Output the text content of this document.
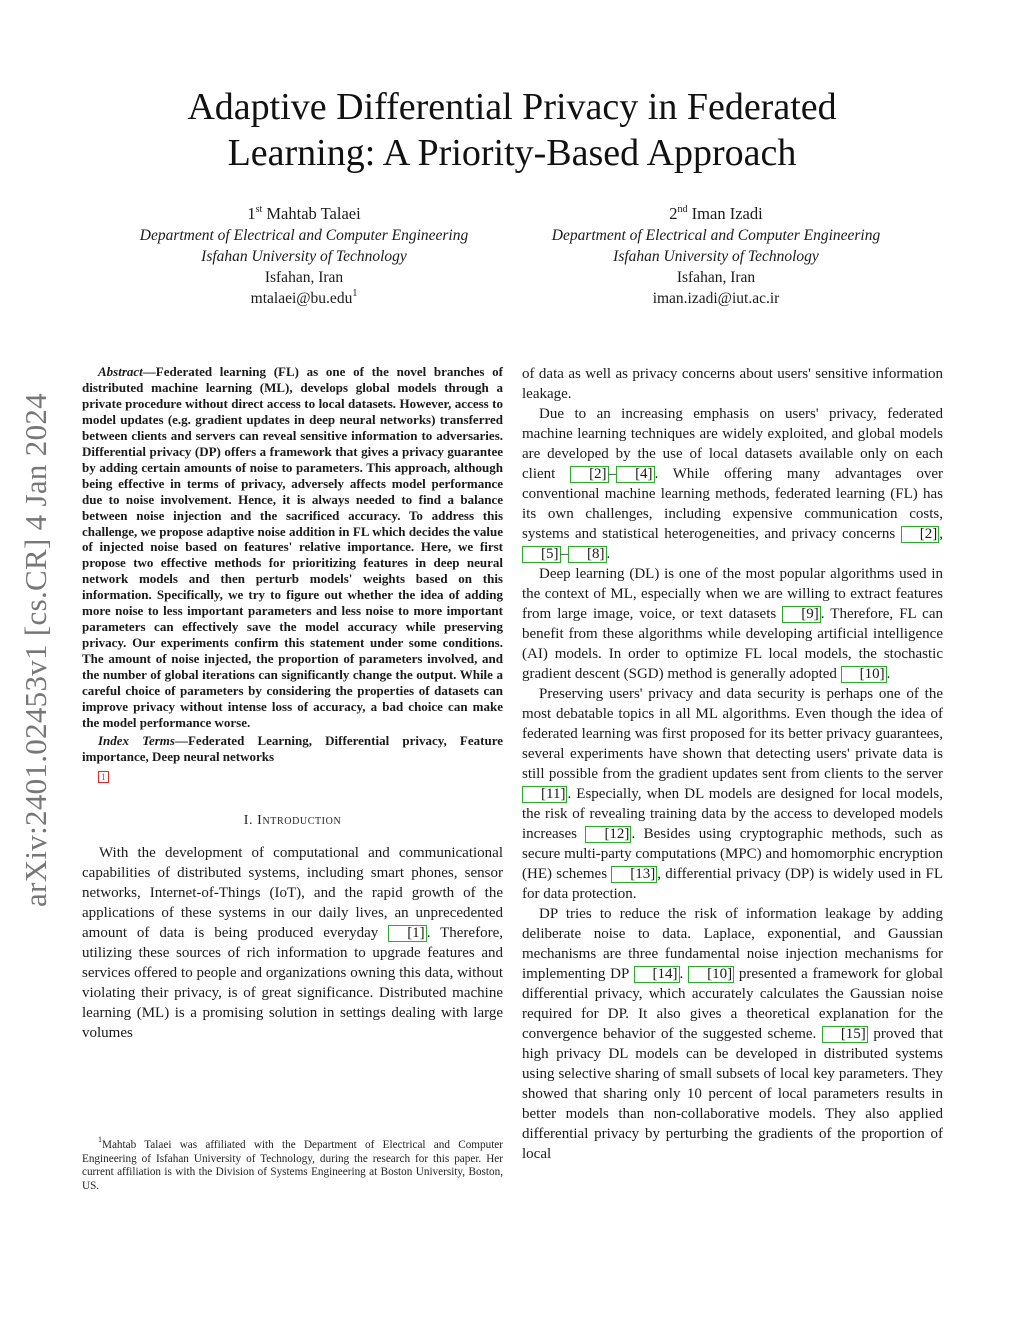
arXiv:2401.02453v1 [cs.CR] 4 Jan 2024
Adaptive Differential Privacy in Federated
Learning: A Priority-Based Approach
1st Mahtab Talaei
Department of Electrical and Computer Engineering
Isfahan University of Technology
Isfahan, Iran
mtalaei@bu.edu$^1$
2nd Iman Izadi
Department of Electrical and Computer Engineering
Isfahan University of Technology
Isfahan, Iran
iman.izadi@iut.ac.ir

Abstract—Federated learning (FL) as one of the novel branches of distributed machine learning (ML), develops global models through a private procedure without direct access to local datasets. However, access to model updates (e.g. gradient updates in deep neural networks) transferred between clients and servers can reveal sensitive information to adversaries. Differential privacy (DP) offers a framework that gives a privacy guarantee by adding certain amounts of noise to parameters. This approach, although being effective in terms of privacy, adversely affects model performance due to noise involvement. Hence, it is always needed to find a balance between noise injection and the sacrificed accuracy. To address this challenge, we propose adaptive noise addition in FL which decides the value of injected noise based on features' relative importance. Here, we first propose two effective methods for prioritizing features in deep neural network models and then perturb models' weights based on this information. Specifically, we try to figure out whether the idea of adding more noise to less important parameters and less noise to more important parameters can effectively save the model accuracy while preserving privacy. Our experiments confirm this statement under some conditions. The amount of noise injected, the proportion of parameters involved, and the number of global iterations can significantly change the output. While a careful choice of parameters by considering the properties of datasets can improve privacy without intense loss of accuracy, a bad choice can make the model performance worse.

Index Terms—Federated Learning, Differential privacy, Feature importance, Deep neural networks

1
I. Introduction

With the development of computational and communicational capabilities of distributed systems, including smart phones, sensor networks, Internet-of-Things (IoT), and the rapid growth of the applications of these systems in our daily lives, an unprecedented amount of data is being produced everyday [1] . Therefore, utilizing these sources of rich information to upgrade features and services offered to people and organizations owning this data, without violating their privacy, is of great significance. Distributed machine learning (ML) is a promising solution in settings dealing with large volumes

$^1$Mahtab Talaei was affiliated with the Department of Electrical and Computer Engineering of Isfahan University of Technology, during the research for this paper. Her current affiliation is with the Division of Systems Engineering at Boston University, Boston, US.

of data as well as privacy concerns about users' sensitive information leakage.

Due to an increasing emphasis on users' privacy, federated machine learning techniques are widely exploited, and global models are developed by the use of local datasets available only on each client [2] – [4] . While offering many advantages over conventional machine learning methods, federated learning (FL) has its own challenges, including expensive communication costs, systems and statistical heterogeneities, and privacy concerns [2] , [5] – [8] .

Deep learning (DL) is one of the most popular algorithms used in the context of ML, especially when we are willing to extract features from large image, voice, or text datasets [9] . Therefore, FL can benefit from these algorithms while developing artificial intelligence (AI) models. In order to optimize FL local models, the stochastic gradient descent (SGD) method is generally adopted [10] .

Preserving users' privacy and data security is perhaps one of the most debatable topics in all ML algorithms. Even though the idea of federated learning was first proposed for its better privacy guarantees, several experiments have shown that detecting users' private data is still possible from the gradient updates sent from clients to the server [11] . Especially, when DL models are designed for local models, the risk of revealing training data by the access to developed models increases [12] . Besides using cryptographic methods, such as secure multi-party computations (MPC) and homomorphic encryption (HE) schemes [13] , differential privacy (DP) is widely used in FL for data protection.

DP tries to reduce the risk of information leakage by adding deliberate noise to data. Laplace, exponential, and Gaussian mechanisms are three fundamental noise injection mechanisms for implementing DP [14] . [10] presented a framework for global differential privacy, which accurately calculates the Gaussian noise required for DP. It also gives a theoretical explanation for the convergence behavior of the suggested scheme. [15] proved that high privacy DL models can be developed in distributed systems using selective sharing of small subsets of local key parameters. They showed that sharing only 10 percent of local parameters results in better models than non-collaborative models. They also applied differential privacy by perturbing the gradients of the proportion of local
